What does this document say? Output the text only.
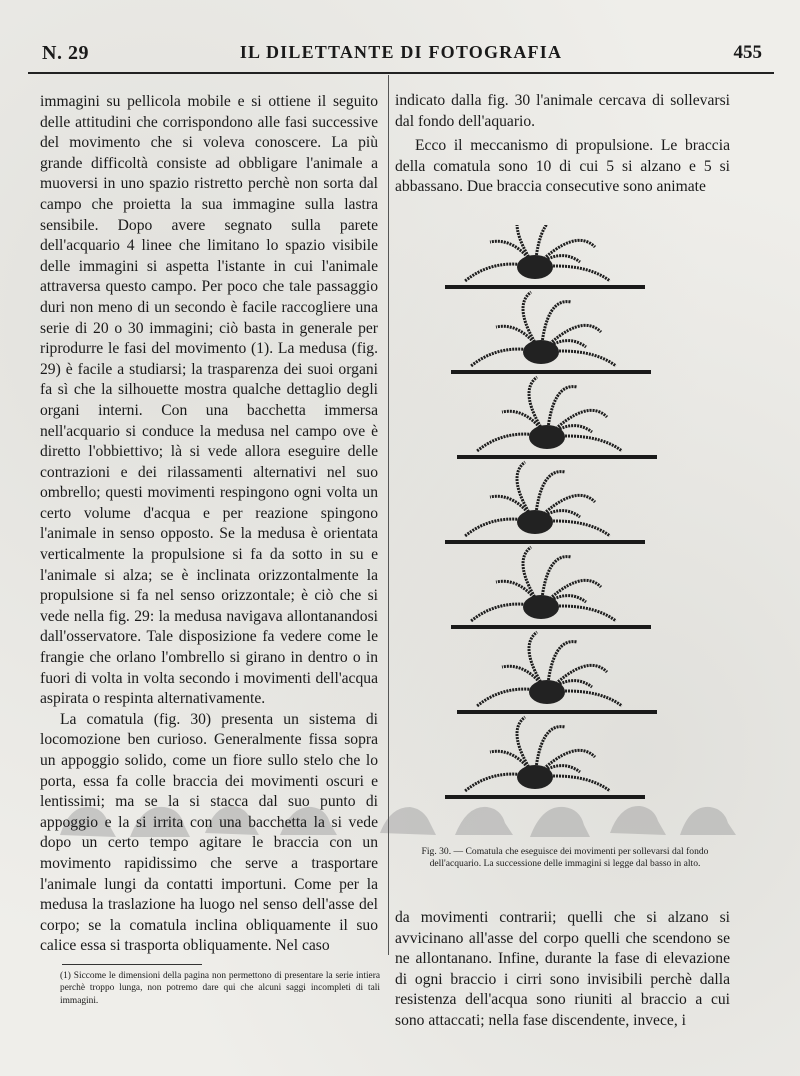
N. 29	IL DILETTANTE DI FOTOGRAFIA	455

immagini su pellicola mobile e si ottiene il seguito delle attitudini che corrispondono alle fasi successive del movimento che si voleva conoscere. La più grande difficoltà consiste ad obbligare l'animale a muoversi in uno spazio ristretto perchè non sorta dal campo che proietta la sua immagine sulla lastra sensibile. Dopo avere segnato sulla parete dell'acquario 4 linee che limitano lo spazio visibile delle immagini si aspetta l'istante in cui l'animale attraversa questo campo. Per poco che tale passaggio duri non meno di un secondo è facile raccogliere una serie di 20 o 30 immagini; ciò basta in generale per riprodurre le fasi del movimento (1). La medusa (fig. 29) è facile a studiarsi; la trasparenza dei suoi organi fa sì che la silhouette mostra qualche dettaglio degli organi interni. Con una bacchetta immersa nell'acquario si conduce la medusa nel campo ove è diretto l'obbiettivo; là si vede allora eseguire delle contrazioni e dei rilassamenti alternativi nel suo ombrello; questi movimenti respingono ogni volta un certo volume d'acqua e per reazione spingono l'animale in senso opposto. Se la medusa è orientata verticalmente la propulsione si fa da sotto in su e l'animale si alza; se è inclinata orizzontalmente la propulsione si fa nel senso orizzontale; è ciò che si vede nella fig. 29: la medusa navigava allontanandosi dall'osservatore. Tale disposizione fa vedere come le frangie che orlano l'ombrello si girano in dentro o in fuori di volta in volta secondo i movimenti dell'acqua aspirata o respinta alternativamente.

La comatula (fig. 30) presenta un sistema di locomozione ben curioso. Generalmente fissa sopra un appoggio solido, come un fiore sullo stelo che lo porta, essa fa colle braccia dei movimenti oscuri e lentissimi; ma se la si stacca dal suo punto di appoggio e la si irrita con una bacchetta la si vede dopo un certo tempo agitare le braccia con un movimento rapidissimo che serve a trasportare l'animale lungi da contatti importuni. Come per la medusa la traslazione ha luogo nel senso dell'asse del corpo; se la comatula inclina obliquamente il suo calice essa si trasporta obliquamente. Nel caso

(1) Siccome le dimensioni della pagina non permettono di presentare la serie intiera perchè troppo lunga, non potremo dare qui che alcuni saggi incompleti di tali immagini.

indicato dalla fig. 30 l'animale cercava di sollevarsi dal fondo dell'aquario.

Ecco il meccanismo di propulsione. Le braccia della comatula sono 10 di cui 5 si alzano e 5 si abbassano. Due braccia consecutive sono animate

Fig. 30. — Comatula che eseguisce dei movimenti per sollevarsi dal fondo dell'acquario. La successione delle immagini si legge dal basso in alto.

da movimenti contrarii; quelli che si alzano si avvicinano all'asse del corpo quelli che scendono se ne allontanano. Infine, durante la fase di elevazione di ogni braccio i cirri sono invisibili perchè dalla resistenza dell'acqua sono riuniti al braccio a cui sono attaccati; nella fase discendente, invece, i
